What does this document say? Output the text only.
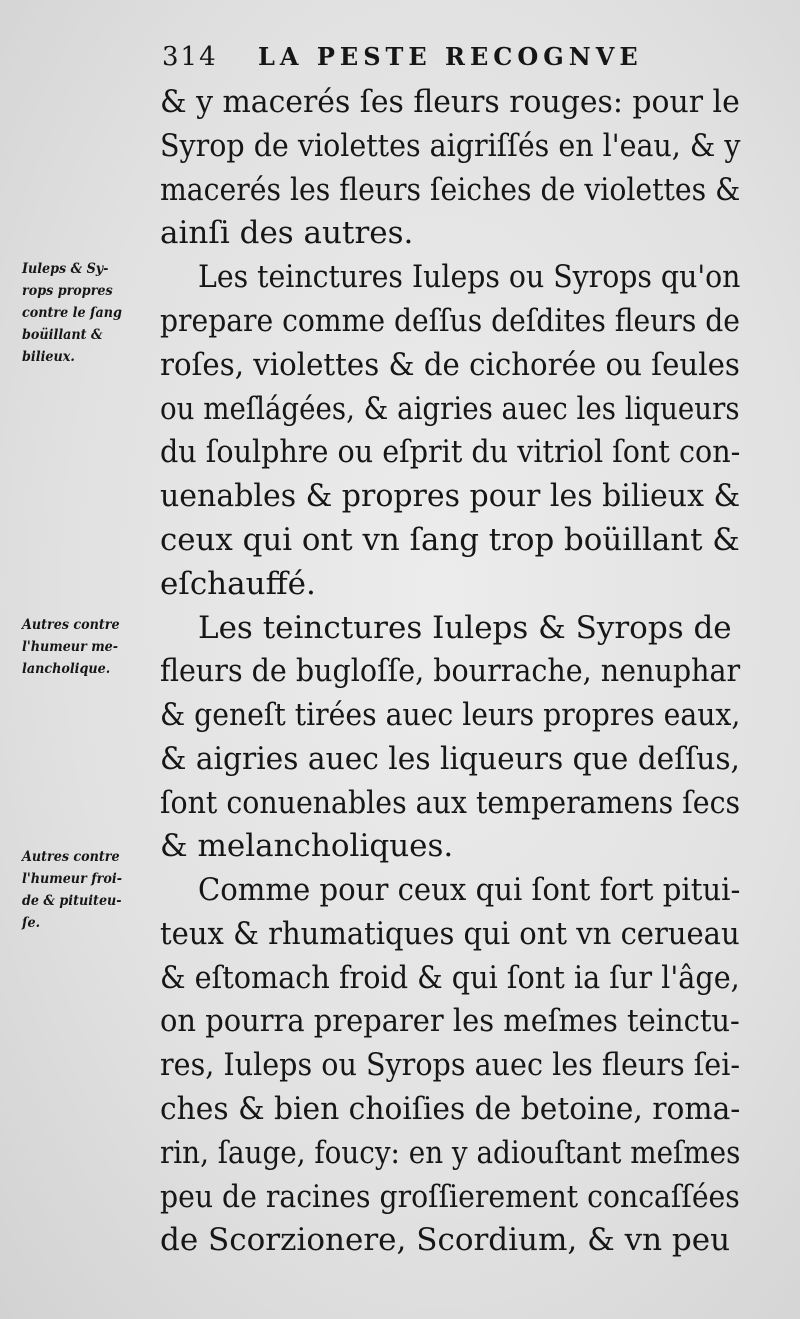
314 LA PESTE RECOGNVE
& y macerés ſes fleurs rouges: pour le
Syrop de violettes aigriſſés en l'eau, & y
macerés les fleurs ſeiches de violettes &
ainſi des autres.
Les teinctures Iuleps ou Syrops qu'on
prepare comme deſſus deſdites fleurs de
roſes, violettes & de cichorée ou ſeules
ou meſlágées, & aigries auec les liqueurs
du ſoulphre ou eſprit du vitriol ſont con-
uenables & propres pour les bilieux &
ceux qui ont vn ſang trop boüillant &
eſchauffé.
Les teinctures Iuleps & Syrops de
fleurs de bugloſſe, bourrache, nenuphar
& geneſt tirées auec leurs propres eaux,
& aigries auec les liqueurs que deſſus,
ſont conuenables aux temperamens ſecs
& melancholiques.
Comme pour ceux qui ſont fort pitui-
teux & rhumatiques qui ont vn cerueau
& eſtomach froid & qui ſont ia ſur l'âge,
on pourra preparer les meſmes teinctu-
res, Iuleps ou Syrops auec les fleurs ſei-
ches & bien choiſies de betoine, roma-
rin, ſauge, foucy: en y adiouſtant meſmes
peu de racines groſſierement concaſſées
de Scorzionere, Scordium, & vn peu
Iuleps & Sy-
rops propres
contre le ſang
boüillant &
bilieux.
Autres contre
l'humeur me-
lancholique.
Autres contre
l'humeur froi-
de & pituiteu-
ſe.
